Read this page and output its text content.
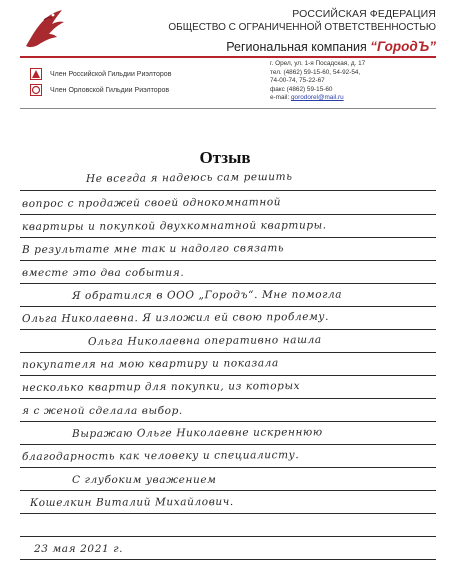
РОССИЙСКАЯ ФЕДЕРАЦИЯ
ОБЩЕСТВО С ОГРАНИЧЕННОЙ ОТВЕТСТВЕННОСТЬЮ
Региональная компания “ГородЪ”
Член Российской Гильдии Риэлторов
Член Орловской Гильдии Риэлторов
г. Орел, ул. 1-я Посадская, д. 17
тел. (4862) 59-15-60, 54-92-54,
74-00-74, 75-22-67
факс (4862) 59-15-60
e-mail: gorodorel@mail.ru
Отзыв
Не всегда я надеюсь сам решить
вопрос с продажей своей однокомнатной
квартиры и покупкой двухкомнатной квартиры.
В результате мне так и надолго связать
вместе это два события.
Я обратился в ООО „Городъ“. Мне помогла
Ольга Николаевна. Я изложил ей свою проблему.
Ольга Николаевна оперативно нашла
покупателя на мою квартиру и показала
несколько квартир для покупки, из которых
я с женой сделала выбор.
Выражаю Ольге Николаевне искреннюю
благодарность как человеку и специалисту.
С глубоким уважением
Кошелкин Виталий Михайлович.
23 мая 2021 г.
